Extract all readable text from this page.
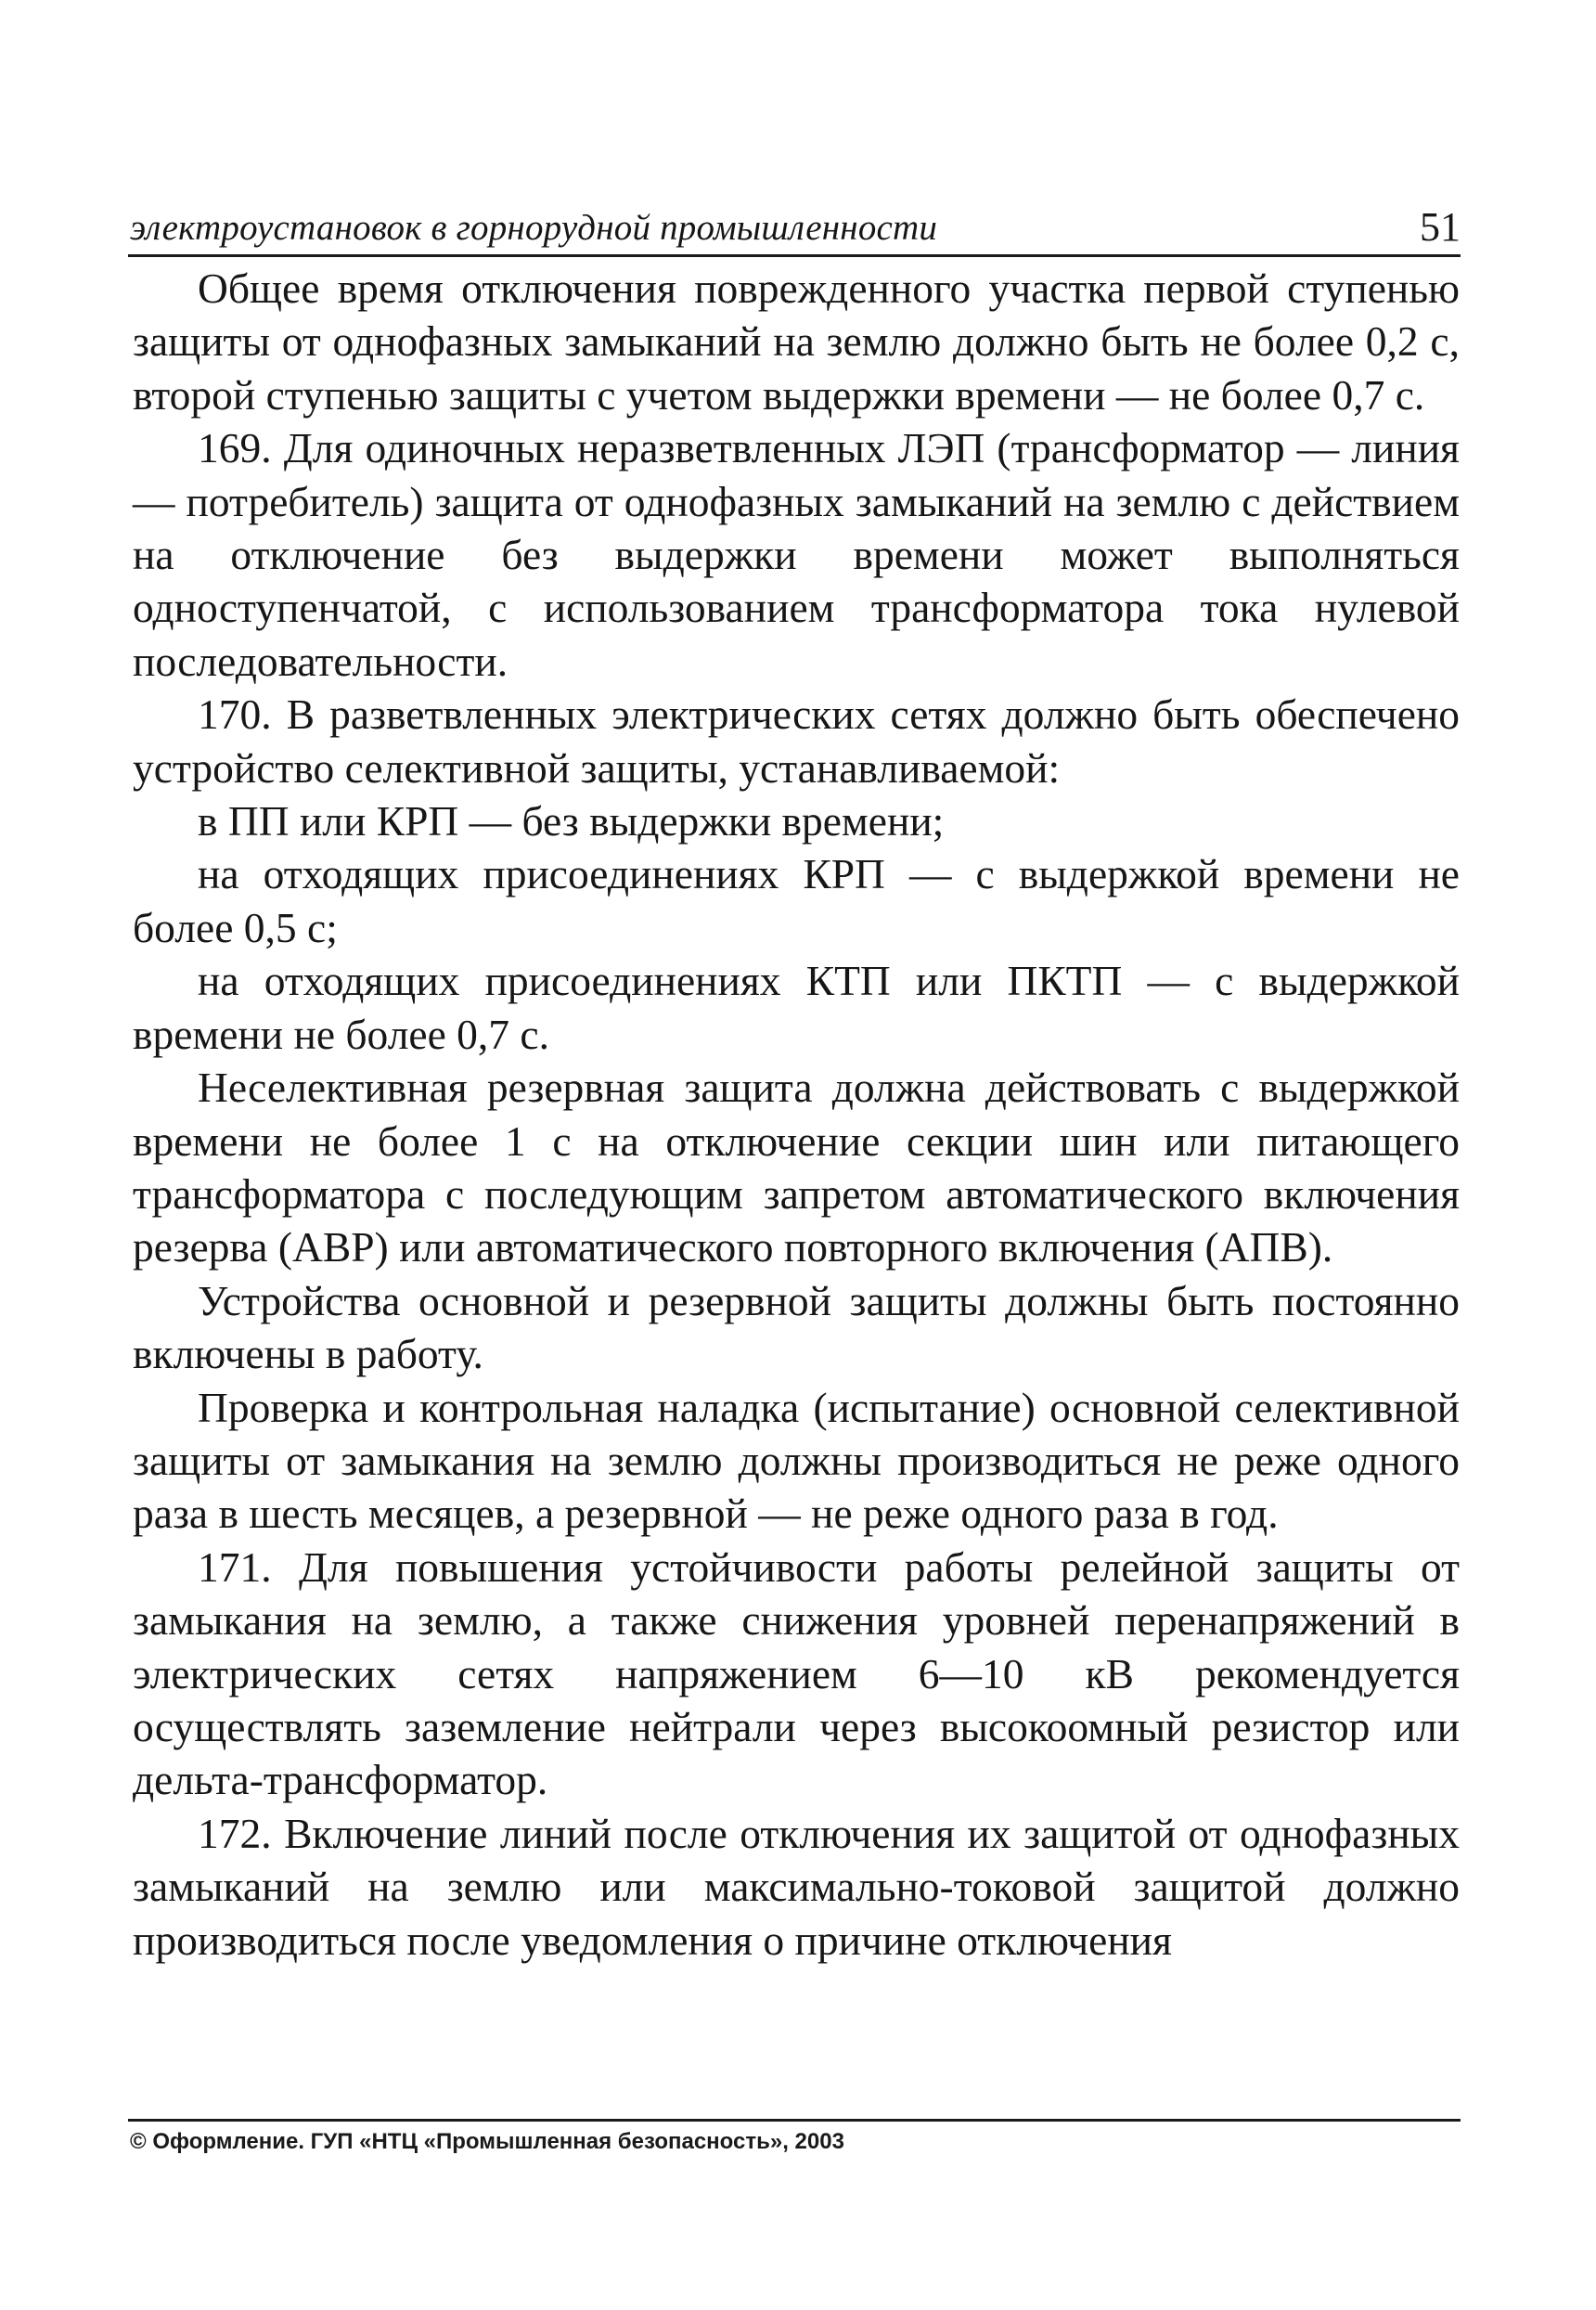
электроустановок в горнорудной промышленности	51

Общее время отключения поврежденного участка первой ступенью защиты от однофазных замыканий на землю должно быть не более 0,2 с, второй ступенью защиты с учетом выдержки времени — не более 0,7 с.

169. Для одиночных неразветвленных ЛЭП (трансформатор — линия — потребитель) защита от однофазных замыканий на землю с действием на отключение без выдержки времени может выполняться одноступенчатой, с использованием трансформатора тока нулевой последовательности.

170. В разветвленных электрических сетях должно быть обеспечено устройство селективной защиты, устанавливаемой:

в ПП или КРП — без выдержки времени;

на отходящих присоединениях КРП — с выдержкой времени не более 0,5 с;

на отходящих присоединениях КТП или ПКТП — с выдержкой времени не более 0,7 с.

Неселективная резервная защита должна действовать с выдержкой времени не более 1 с на отключение секции шин или питающего трансформатора с последующим запретом автоматического включения резерва (АВР) или автоматического повторного включения (АПВ).

Устройства основной и резервной защиты должны быть постоянно включены в работу.

Проверка и контрольная наладка (испытание) основной селективной защиты от замыкания на землю должны производиться не реже одного раза в шесть месяцев, а резервной — не реже одного раза в год.

171. Для повышения устойчивости работы релейной защиты от замыкания на землю, а также снижения уровней перенапряжений в электрических сетях напряжением 6—10 кВ рекомендуется осуществлять заземление нейтрали через высокоомный резистор или дельта-трансформатор.

172. Включение линий после отключения их защитой от однофазных замыканий на землю или максимально-токовой защитой должно производиться после уведомления о причине отключения

© Оформление. ГУП «НТЦ «Промышленная безопасность», 2003
